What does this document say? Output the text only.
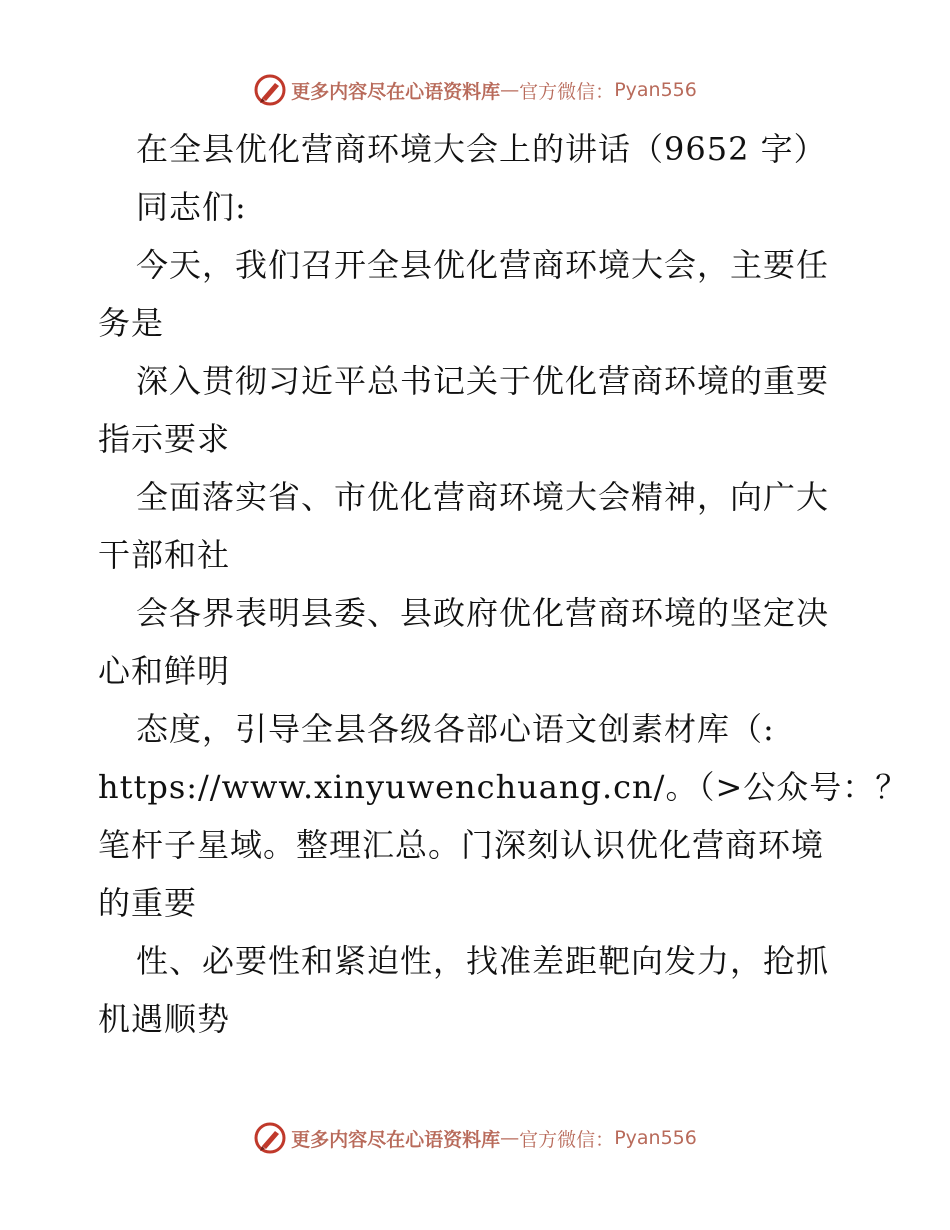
更多内容尽在心语资料库 — 官方微信： Pyan556
在全县优化营商环境大会上的讲话（9652 字）
同志们:
今天，我们召开全县优化营商环境大会，主要任
务是
深入贯彻习近平总书记关于优化营商环境的重要
指示要求
全面落实省、市优化营商环境大会精神，向广大
干部和社
会各界表明县委、县政府优化营商环境的坚定决
心和鲜明
态度，引导全县各级各部心语文创素材库（:
https://www.xinyuwenchuang.cn/。（>公众号：？
笔杆子星域。整理汇总。门深刻认识优化营商环境
的重要
性、必要性和紧迫性，找准差距靶向发力，抢抓
机遇顺势
更多内容尽在心语资料库 — 官方微信： Pyan556
